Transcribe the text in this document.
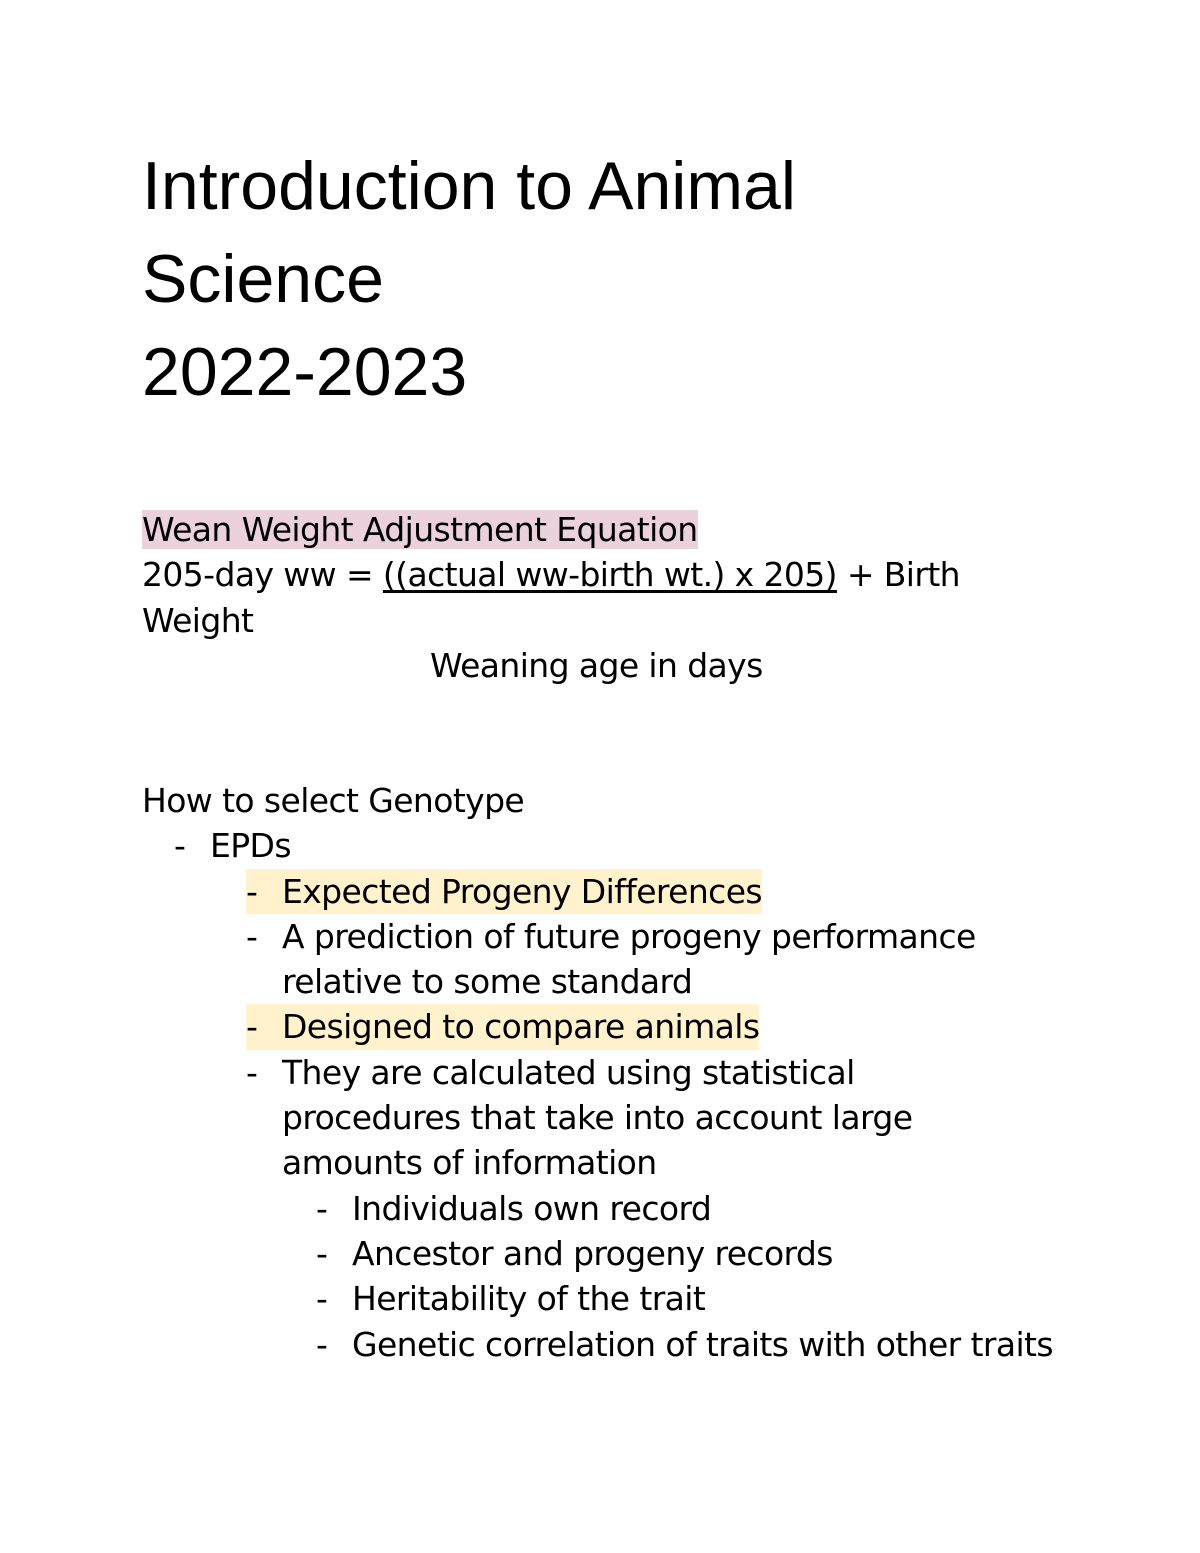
Introduction to Animal
Science
2022-2023
Wean Weight Adjustment Equation
205-day ww = ((actual ww-birth wt.) x 205) + Birth
Weight
Weaning age in days
How to select Genotype
- EPDs
- Expected Progeny Differences
- A prediction of future progeny performance relative to some standard
- Designed to compare animals
- They are calculated using statistical procedures that take into account large amounts of information
- Individuals own record
- Ancestor and progeny records
- Heritability of the trait
- Genetic correlation of traits with other traits
